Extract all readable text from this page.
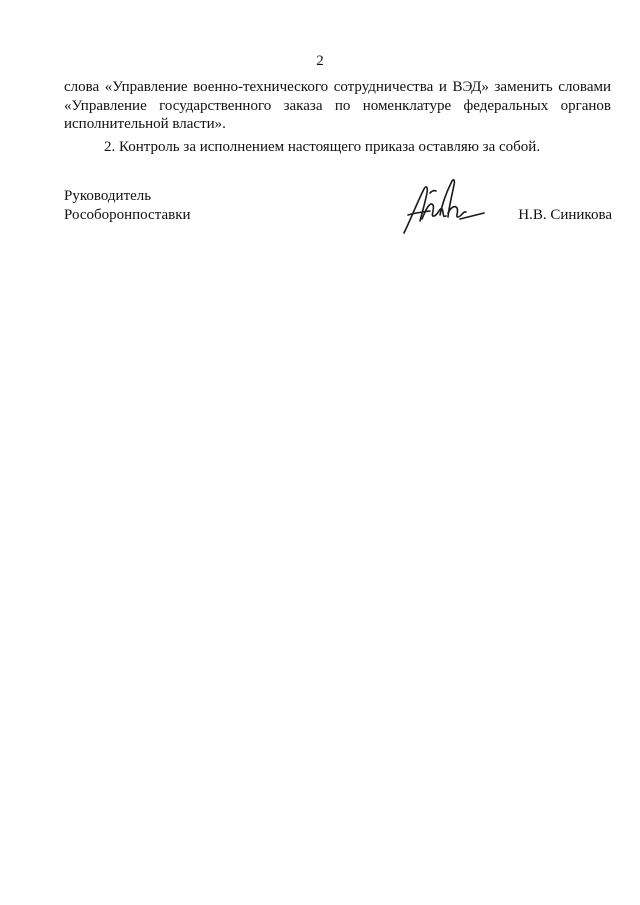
2

слова «Управление военно-технического сотрудничества и ВЭД» заменить словами «Управление государственного заказа по номенклатуре федеральных органов исполнительной власти».

2. Контроль за исполнением настоящего приказа оставляю за собой.

Руководитель
Рособоронпоставки	Н.В. Синикова
